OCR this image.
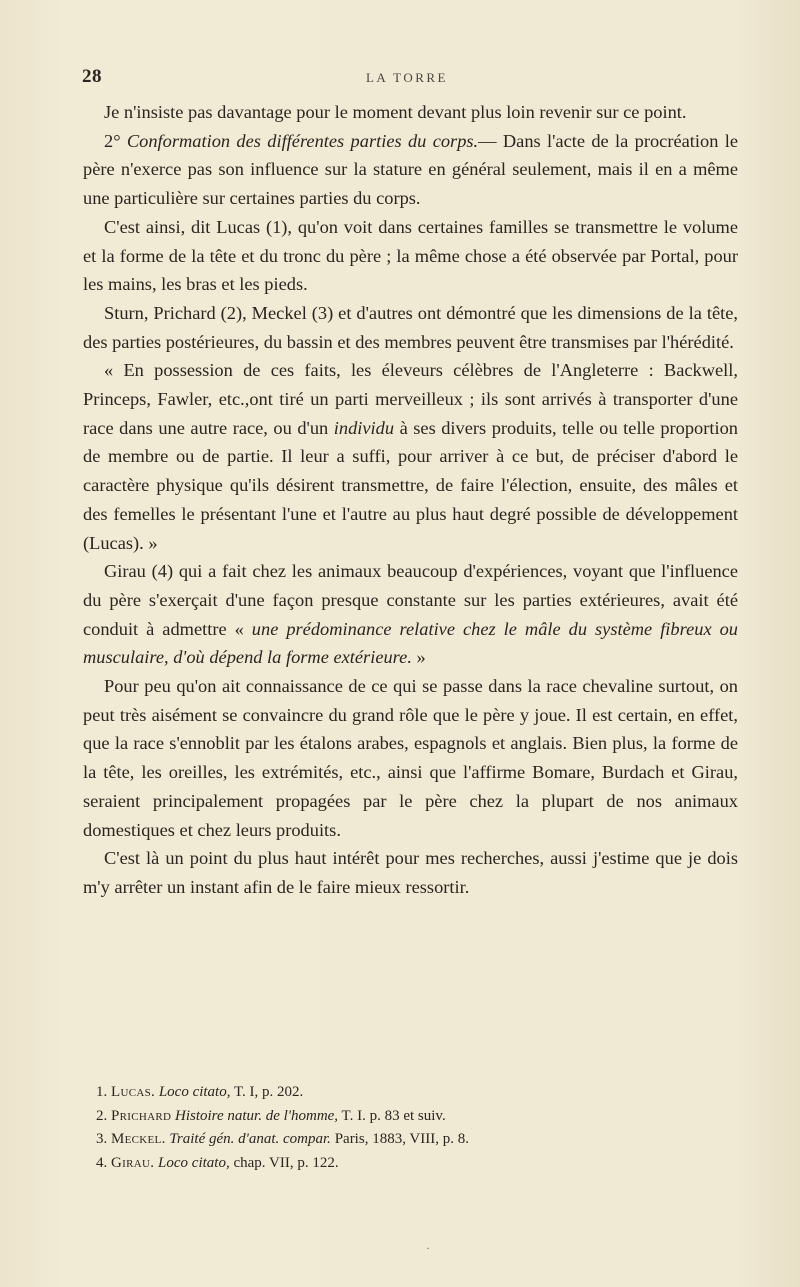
28	LA TORRE

Je n'insiste pas davantage pour le moment devant plus loin revenir sur ce point.

2° Conformation des différentes parties du corps.— Dans l'acte de la procréation le père n'exerce pas son influence sur la stature en général seulement, mais il en a même une particulière sur certaines parties du corps.

C'est ainsi, dit Lucas (1), qu'on voit dans certaines familles se transmettre le volume et la forme de la tête et du tronc du père ; la même chose a été observée par Portal, pour les mains, les bras et les pieds.

Sturn, Prichard (2), Meckel (3) et d'autres ont démontré que les dimensions de la tête, des parties postérieures, du bassin et des membres peuvent être transmises par l'hérédité.

« En possession de ces faits, les éleveurs célèbres de l'Angleterre : Backwell, Princeps, Fawler, etc.,ont tiré un parti merveilleux ; ils sont arrivés à transporter d'une race dans une autre race, ou d'un individu à ses divers produits, telle ou telle proportion de membre ou de partie. Il leur a suffi, pour arriver à ce but, de préciser d'abord le caractère physique qu'ils désirent transmettre, de faire l'élection, ensuite, des mâles et des femelles le présentant l'une et l'autre au plus haut degré possible de développement (Lucas). »

Girau (4) qui a fait chez les animaux beaucoup d'expériences, voyant que l'influence du père s'exerçait d'une façon presque constante sur les parties extérieures, avait été conduit à admettre « une prédominance relative chez le mâle du système fibreux ou musculaire, d'où dépend la forme extérieure. »

Pour peu qu'on ait connaissance de ce qui se passe dans la race chevaline surtout, on peut très aisément se convaincre du grand rôle que le père y joue. Il est certain, en effet, que la race s'ennoblit par les étalons arabes, espagnols et anglais. Bien plus, la forme de la tête, les oreilles, les extrémités, etc., ainsi que l'affirme Bomare, Burdach et Girau, seraient principalement propagées par le père chez la plupart de nos animaux domestiques et chez leurs produits.

C'est là un point du plus haut intérêt pour mes recherches, aussi j'estime que je dois m'y arrêter un instant afin de le faire mieux ressortir.

1. Lucas. Loco citato, T. I, p. 202.
2. Prichard Histoire natur. de l'homme, T. I. p. 83 et suiv.
3. Meckel. Traité gén. d'anat. compar. Paris, 1883, VIII, p. 8.
4. Girau. Loco citato, chap. VII, p. 122.
·
